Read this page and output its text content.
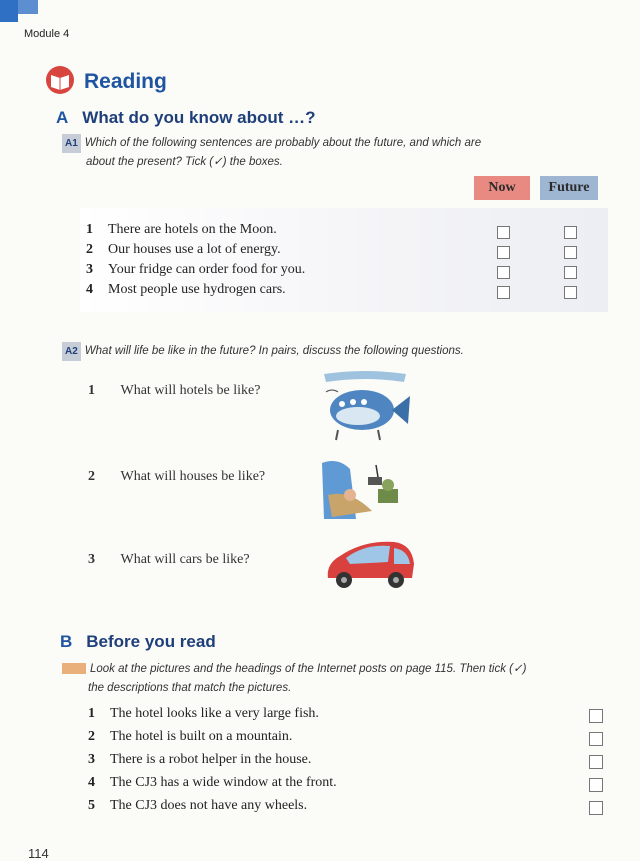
Module 4
Reading
A What do you know about …?
A1 Which of the following sentences are probably about the future, and which are
about the present? Tick (✓) the boxes.
Now	Future
1 There are hotels on the Moon.
2 Our houses use a lot of energy.
3 Your fridge can order food for you.
4 Most people use hydrogen cars.
A2 What will life be like in the future? In pairs, discuss the following questions.
1 What will hotels be like?
2 What will houses be like?
3 What will cars be like?
B Before you read
Look at the pictures and the headings of the Internet posts on page 115. Then tick (✓)
the descriptions that match the pictures.
1 The hotel looks like a very large fish.
2 The hotel is built on a mountain.
3 There is a robot helper in the house.
4 The CJ3 has a wide window at the front.
5 The CJ3 does not have any wheels.
114
